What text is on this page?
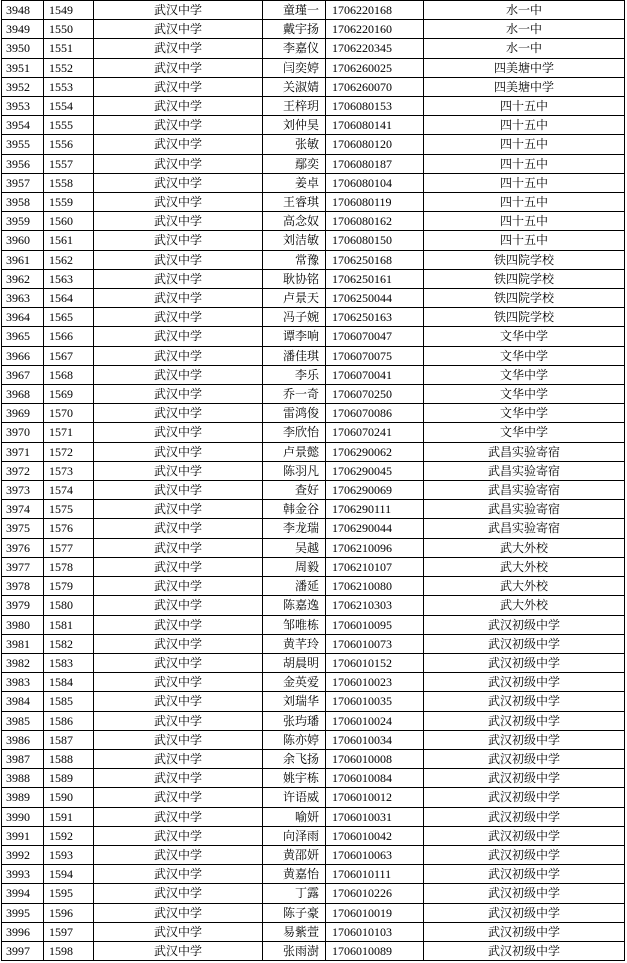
3948	1549	武汉中学	童瑾一	1706220168	水一中
3949	1550	武汉中学	戴宇扬	1706220160	水一中
3950	1551	武汉中学	李嘉仪	1706220345	水一中
3951	1552	武汉中学	闫奕婷	1706260025	四美塘中学
3952	1553	武汉中学	关淑婧	1706260070	四美塘中学
3953	1554	武汉中学	王梓玥	1706080153	四十五中
3954	1555	武汉中学	刘仲昊	1706080141	四十五中
3955	1556	武汉中学	张敏	1706080120	四十五中
3956	1557	武汉中学	鄢奕	1706080187	四十五中
3957	1558	武汉中学	姜卓	1706080104	四十五中
3958	1559	武汉中学	王睿琪	1706080119	四十五中
3959	1560	武汉中学	高念奴	1706080162	四十五中
3960	1561	武汉中学	刘洁敏	1706080150	四十五中
3961	1562	武汉中学	常豫	1706250168	铁四院学校
3962	1563	武汉中学	耿协铭	1706250161	铁四院学校
3963	1564	武汉中学	卢景天	1706250044	铁四院学校
3964	1565	武汉中学	冯子婉	1706250163	铁四院学校
3965	1566	武汉中学	谭李响	1706070047	文华中学
3966	1567	武汉中学	潘佳琪	1706070075	文华中学
3967	1568	武汉中学	李乐	1706070041	文华中学
3968	1569	武汉中学	乔一奇	1706070250	文华中学
3969	1570	武汉中学	雷鸿俊	1706070086	文华中学
3970	1571	武汉中学	李欣怡	1706070241	文华中学
3971	1572	武汉中学	卢景懿	1706290062	武昌实验寄宿
3972	1573	武汉中学	陈羽凡	1706290045	武昌实验寄宿
3973	1574	武汉中学	查好	1706290069	武昌实验寄宿
3974	1575	武汉中学	韩金谷	1706290111	武昌实验寄宿
3975	1576	武汉中学	李龙瑞	1706290044	武昌实验寄宿
3976	1577	武汉中学	吴越	1706210096	武大外校
3977	1578	武汉中学	周毅	1706210107	武大外校
3978	1579	武汉中学	潘延	1706210080	武大外校
3979	1580	武汉中学	陈嘉逸	1706210303	武大外校
3980	1581	武汉中学	邹唯栋	1706010095	武汉初级中学
3981	1582	武汉中学	黄芊玲	1706010073	武汉初级中学
3982	1583	武汉中学	胡晨明	1706010152	武汉初级中学
3983	1584	武汉中学	金英爱	1706010023	武汉初级中学
3984	1585	武汉中学	刘瑞华	1706010035	武汉初级中学
3985	1586	武汉中学	张玙璠	1706010024	武汉初级中学
3986	1587	武汉中学	陈亦婷	1706010034	武汉初级中学
3987	1588	武汉中学	余飞扬	1706010008	武汉初级中学
3988	1589	武汉中学	姚宇栋	1706010084	武汉初级中学
3989	1590	武汉中学	许语威	1706010012	武汉初级中学
3990	1591	武汉中学	喻妍	1706010031	武汉初级中学
3991	1592	武汉中学	向泽雨	1706010042	武汉初级中学
3992	1593	武汉中学	黄邵妍	1706010063	武汉初级中学
3993	1594	武汉中学	黄嘉怡	1706010111	武汉初级中学
3994	1595	武汉中学	丁露	1706010226	武汉初级中学
3995	1596	武汉中学	陈子豪	1706010019	武汉初级中学
3996	1597	武汉中学	易紫萱	1706010103	武汉初级中学
3997	1598	武汉中学	张雨澍	1706010089	武汉初级中学
